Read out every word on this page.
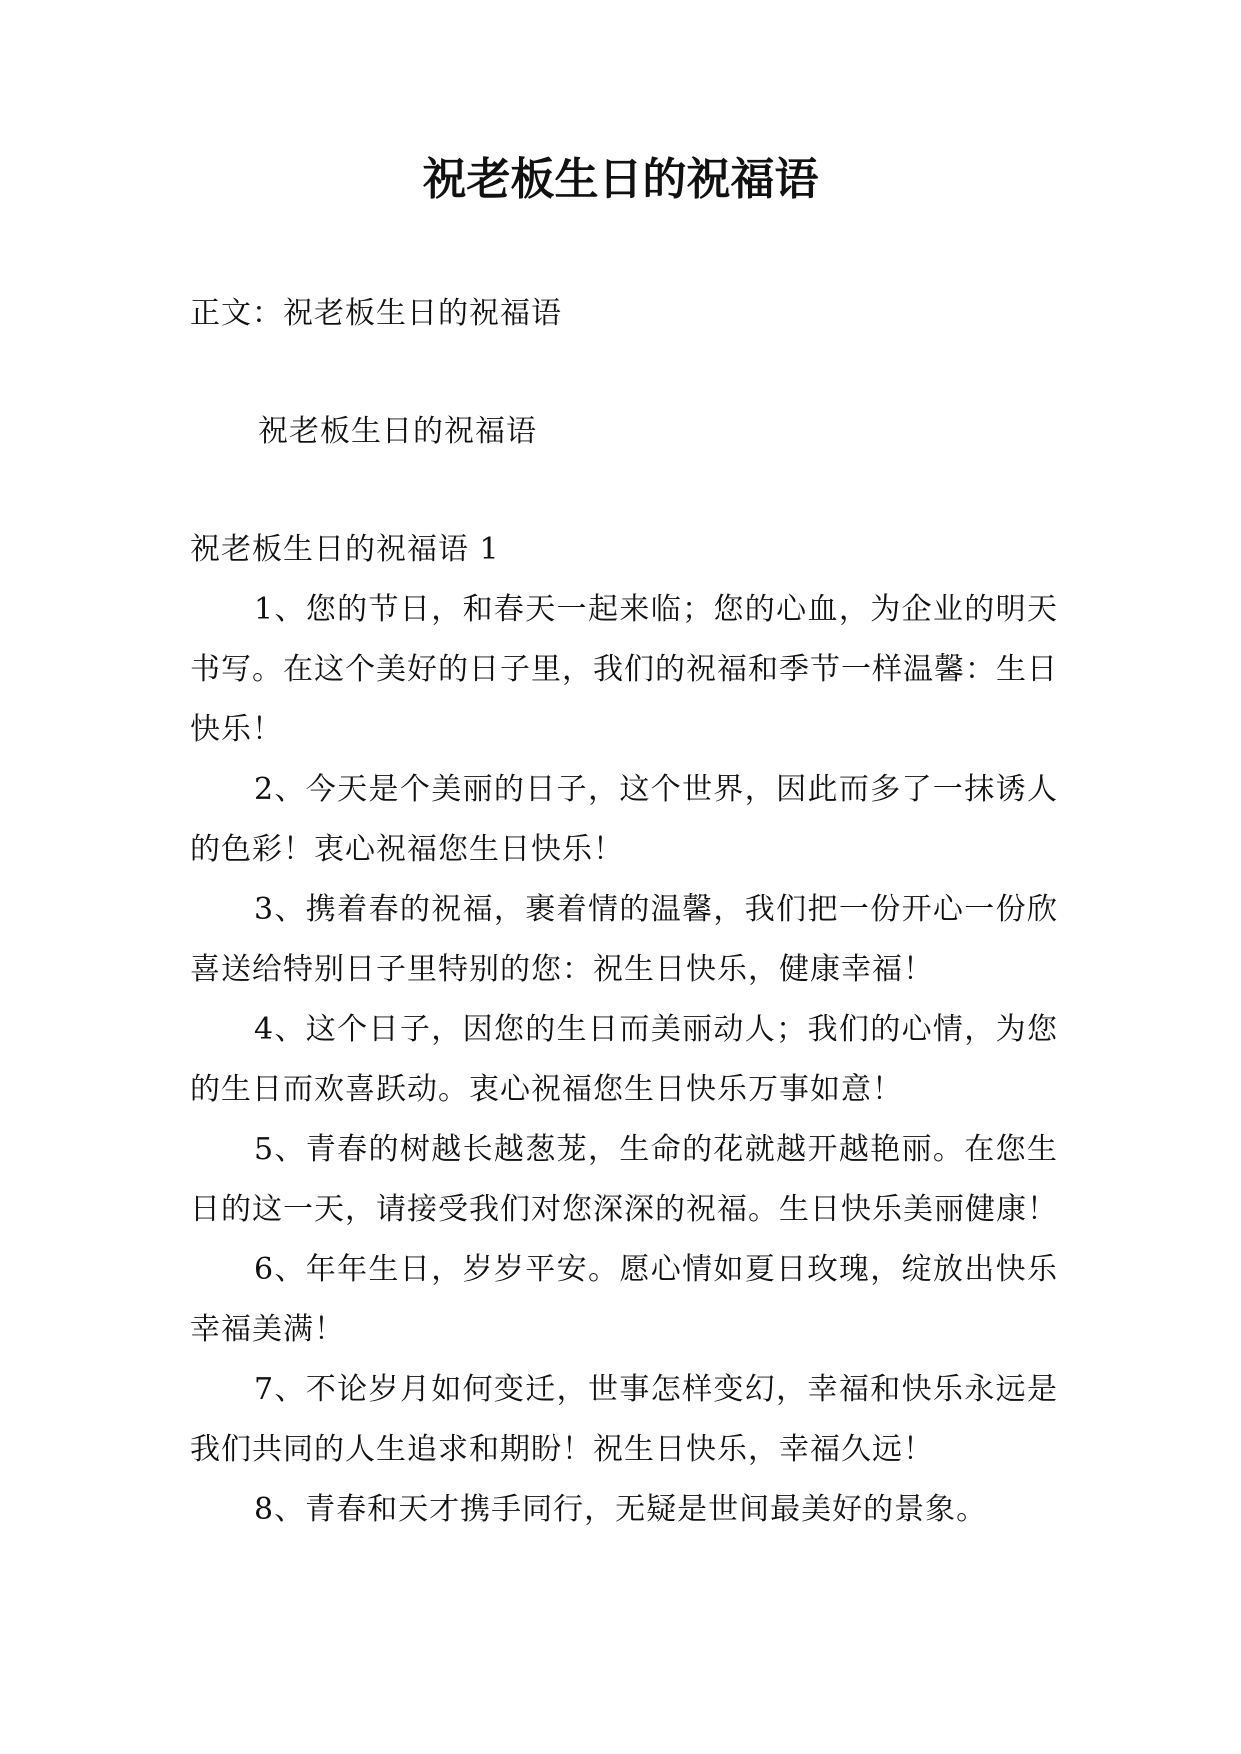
祝老板生日的祝福语

正文：祝老板生日的祝福语

祝老板生日的祝福语

祝老板生日的祝福语 1

1、您的节日，和春天一起来临；您的心血，为企业的明天书写。在这个美好的日子里，我们的祝福和季节一样温馨：生日快乐！

2、今天是个美丽的日子，这个世界，因此而多了一抹诱人的色彩！衷心祝福您生日快乐！

3、携着春的祝福，裹着情的温馨，我们把一份开心一份欣喜送给特别日子里特别的您：祝生日快乐，健康幸福！

4、这个日子，因您的生日而美丽动人；我们的心情，为您的生日而欢喜跃动。衷心祝福您生日快乐万事如意！

5、青春的树越长越葱茏，生命的花就越开越艳丽。在您生日的这一天，请接受我们对您深深的祝福。生日快乐美丽健康！

6、年年生日，岁岁平安。愿心情如夏日玫瑰，绽放出快乐幸福美满！

7、不论岁月如何变迁，世事怎样变幻，幸福和快乐永远是我们共同的人生追求和期盼！祝生日快乐，幸福久远！

8、青春和天才携手同行，无疑是世间最美好的景象。
